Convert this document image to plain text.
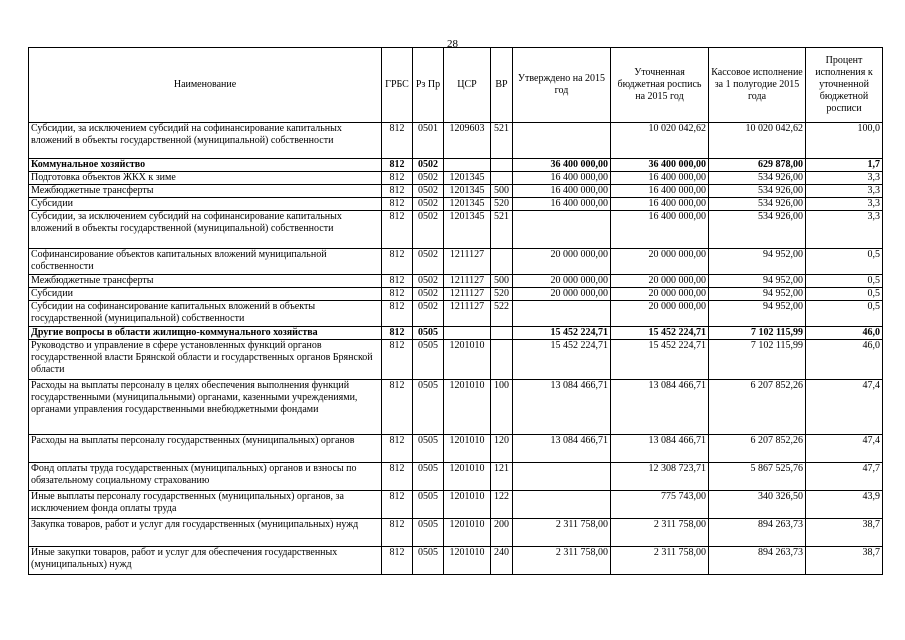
28
Наименование	ГРБС	Рз Пр	ЦСР	ВР	Утверждено на 2015 год	Уточненная бюджетная роспись на 2015 год	Кассовое исполнение за 1 полугодие 2015 года	Процент исполнения к уточненной бюджетной росписи
Субсидии, за исключением субсидий на софинансирование капитальных вложений в объекты государственной (муниципальной) собственности	812	0501	1209603	521		10 020 042,62	10 020 042,62	100,0
Коммунальное хозяйство	812	0502			36 400 000,00	36 400 000,00	629 878,00	1,7
Подготовка объектов ЖКХ к зиме	812	0502	1201345		16 400 000,00	16 400 000,00	534 926,00	3,3
Межбюджетные трансферты	812	0502	1201345	500	16 400 000,00	16 400 000,00	534 926,00	3,3
Субсидии	812	0502	1201345	520	16 400 000,00	16 400 000,00	534 926,00	3,3
Субсидии, за исключением субсидий на софинансирование капитальных вложений в объекты государственной (муниципальной) собственности	812	0502	1201345	521		16 400 000,00	534 926,00	3,3
Софинансирование объектов капитальных вложений муниципальной собственности	812	0502	1211127		20 000 000,00	20 000 000,00	94 952,00	0,5
Межбюджетные трансферты	812	0502	1211127	500	20 000 000,00	20 000 000,00	94 952,00	0,5
Субсидии	812	0502	1211127	520	20 000 000,00	20 000 000,00	94 952,00	0,5
Субсидии на софинансирование капитальных вложений в объекты государственной (муниципальной) собственности	812	0502	1211127	522		20 000 000,00	94 952,00	0,5
Другие вопросы в области жилищно-коммунального хозяйства	812	0505			15 452 224,71	15 452 224,71	7 102 115,99	46,0
Руководство и управление в сфере установленных функций органов государственной власти Брянской области и государственных органов Брянской области	812	0505	1201010		15 452 224,71	15 452 224,71	7 102 115,99	46,0
Расходы на выплаты персоналу в целях обеспечения выполнения функций государственными (муниципальными) органами, казенными учреждениями, органами управления государственными внебюджетными фондами	812	0505	1201010	100	13 084 466,71	13 084 466,71	6 207 852,26	47,4
Расходы на выплаты персоналу государственных (муниципальных) органов	812	0505	1201010	120	13 084 466,71	13 084 466,71	6 207 852,26	47,4
Фонд оплаты труда государственных (муниципальных) органов и взносы по обязательному социальному страхованию	812	0505	1201010	121		12 308 723,71	5 867 525,76	47,7
Иные выплаты персоналу государственных (муниципальных) органов, за исключением фонда оплаты труда	812	0505	1201010	122		775 743,00	340 326,50	43,9
Закупка товаров, работ и услуг для государственных (муниципальных) нужд	812	0505	1201010	200	2 311 758,00	2 311 758,00	894 263,73	38,7
Иные закупки товаров, работ и услуг для обеспечения государственных (муниципальных) нужд	812	0505	1201010	240	2 311 758,00	2 311 758,00	894 263,73	38,7
